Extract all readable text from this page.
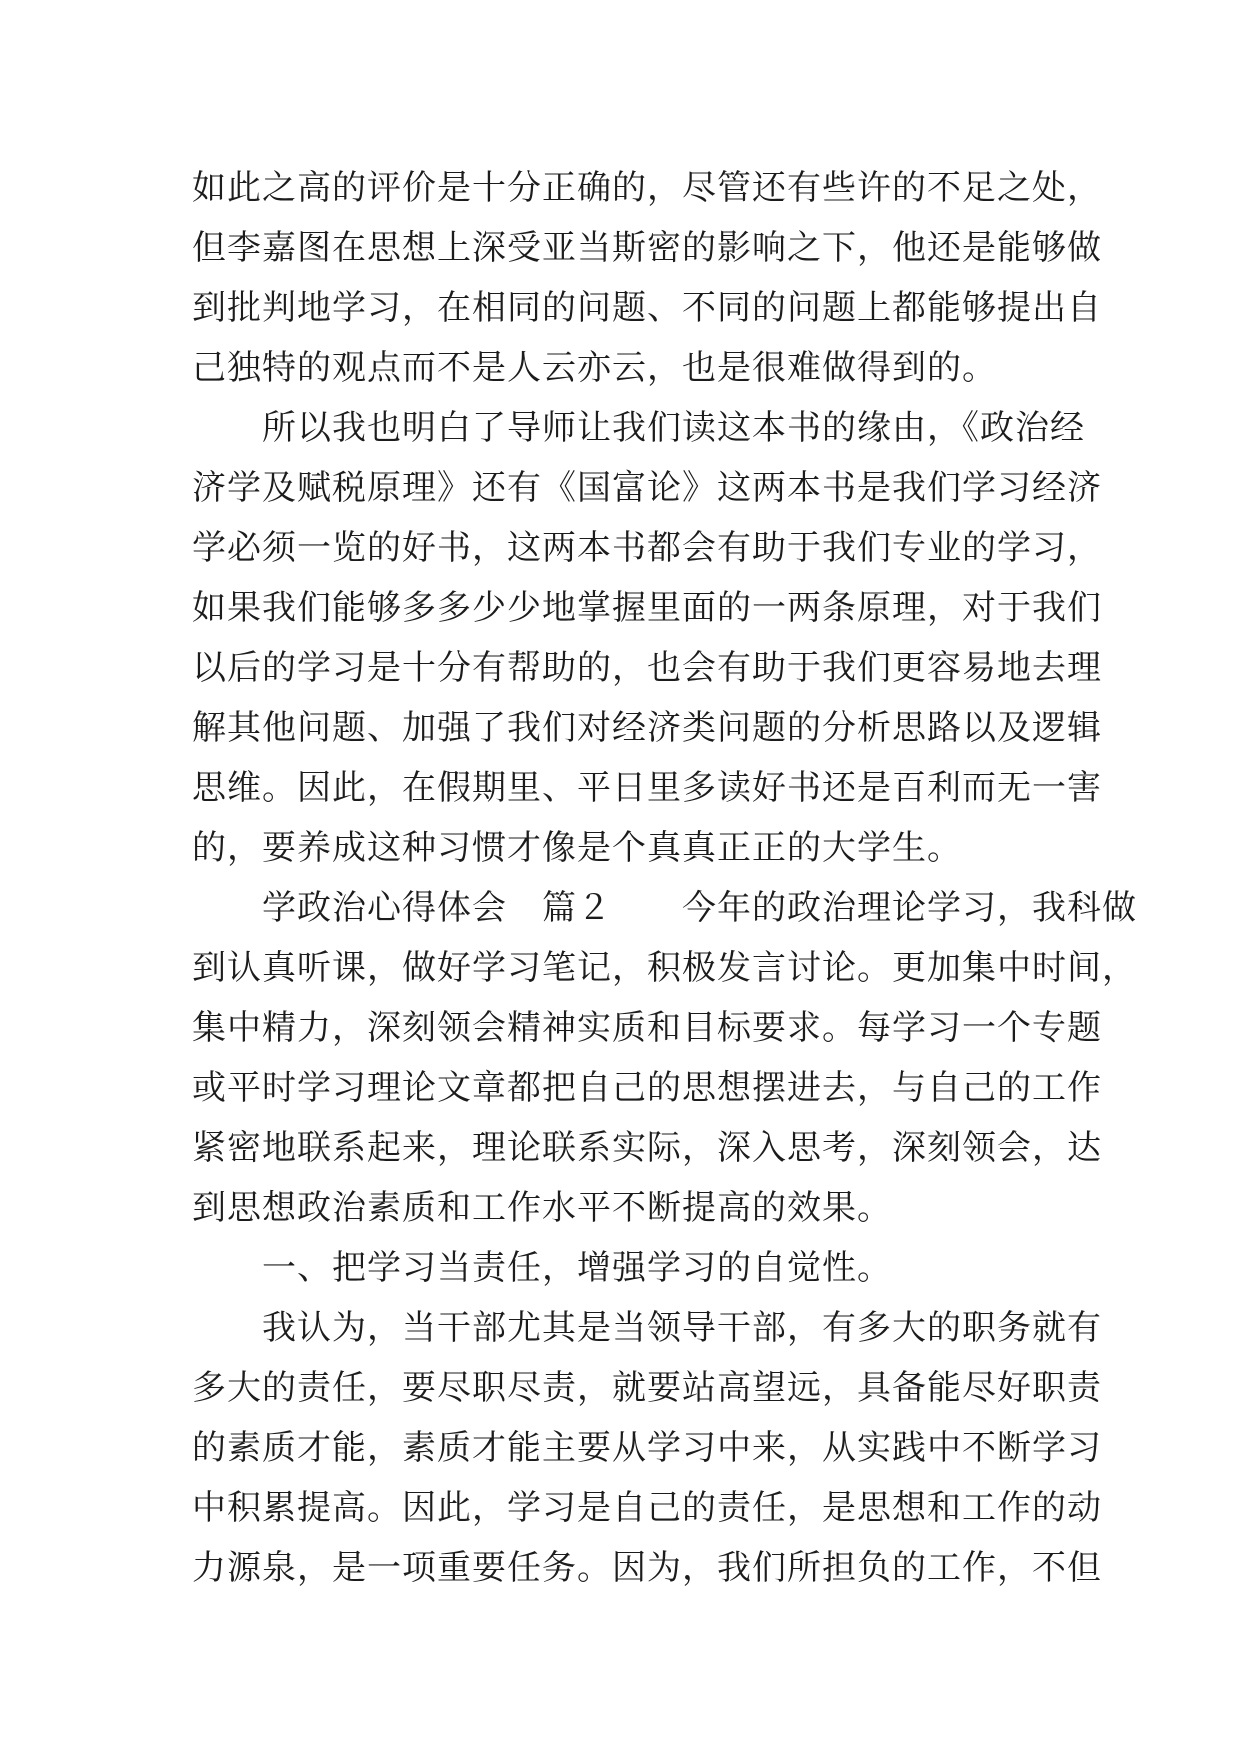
如此之高的评价是十分正确的，尽管还有些许的不足之处，
但李嘉图在思想上深受亚当斯密的影响之下，他还是能够做
到批判地学习，在相同的问题、不同的问题上都能够提出自
己独特的观点而不是人云亦云，也是很难做得到的。
　　所以我也明白了导师让我们读这本书的缘由，《政治经
济学及赋税原理》还有《国富论》这两本书是我们学习经济
学必须一览的好书，这两本书都会有助于我们专业的学习，
如果我们能够多多少少地掌握里面的一两条原理，对于我们
以后的学习是十分有帮助的，也会有助于我们更容易地去理
解其他问题、加强了我们对经济类问题的分析思路以及逻辑
思维。因此，在假期里、平日里多读好书还是百利而无一害
的，要养成这种习惯才像是个真真正正的大学生。
　　学政治心得体会　篇２　　今年的政治理论学习，我科做
到认真听课，做好学习笔记，积极发言讨论。更加集中时间，
集中精力，深刻领会精神实质和目标要求。每学习一个专题
或平时学习理论文章都把自己的思想摆进去，与自己的工作
紧密地联系起来，理论联系实际，深入思考，深刻领会，达
到思想政治素质和工作水平不断提高的效果。
　　一、把学习当责任，增强学习的自觉性。
　　我认为，当干部尤其是当领导干部，有多大的职务就有
多大的责任，要尽职尽责，就要站高望远，具备能尽好职责
的素质才能，素质才能主要从学习中来，从实践中不断学习
中积累提高。因此，学习是自己的责任，是思想和工作的动
力源泉，是一项重要任务。因为，我们所担负的工作，不但
